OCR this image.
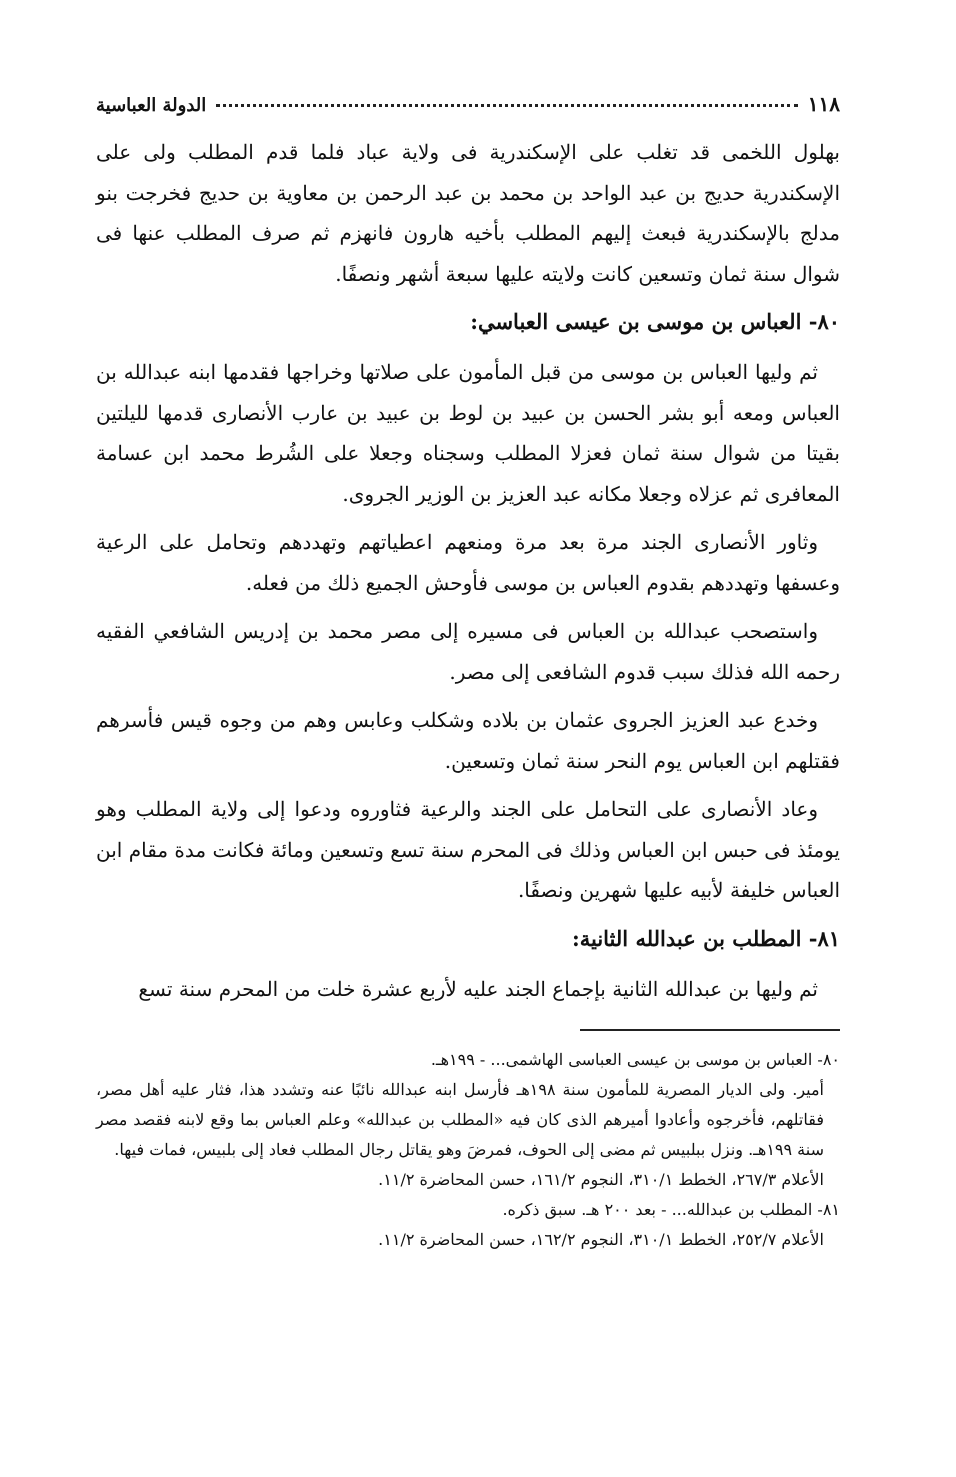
١١٨
الدولة العباسية

بهلول اللخمى قد تغلب على الإسكندرية فى ولاية عباد فلما قدم المطلب ولى على الإسكندرية حديج بن عبد الواحد بن محمد بن عبد الرحمن بن معاوية بن حديج فخرجت بنو مدلج بالإسكندرية فبعث إليهم المطلب بأخيه هارون فانهزم ثم صرف المطلب عنها فى شوال سنة ثمان وتسعين كانت ولايته عليها سبعة أشهر ونصفًا.

٨٠- العباس بن موسى بن عيسى العباسي:

ثم وليها العباس بن موسى من قبل المأمون على صلاتها وخراجها فقدمها ابنه عبدالله بن العباس ومعه أبو بشر الحسن بن عبيد بن لوط بن عبيد بن عارب الأنصارى قدمها لليلتين بقيتا من شوال سنة ثمان فعزلا المطلب وسجناه وجعلا على الشُرط محمد ابن عسامة المعافرى ثم عزلاه وجعلا مكانه عبد العزيز بن الوزير الجروى.

وثاور الأنصارى الجند مرة بعد مرة ومنعهم اعطياتهم وتهددهم وتحامل على الرعية وعسفها وتهددهم بقدوم العباس بن موسى فأوحش الجميع ذلك من فعله.

واستصحب عبدالله بن العباس فى مسيره إلى مصر محمد بن إدريس الشافعي الفقيه رحمه الله فذلك سبب قدوم الشافعى إلى مصر.

وخدع عبد العزيز الجروى عثمان بن بلاده وشكلب وعابس وهم من وجوه قيس فأسرهم فقتلهم ابن العباس يوم النحر سنة ثمان وتسعين.

وعاد الأنصارى على التحامل على الجند والرعية فثاوروه ودعوا إلى ولاية المطلب وهو يومئذ فى حبس ابن العباس وذلك فى المحرم سنة تسع وتسعين ومائة فكانت مدة مقام ابن العباس خليفة لأبيه عليها شهرين ونصفًا.

٨١- المطلب بن عبدالله الثانية:

ثم وليها بن عبدالله الثانية بإجماع الجند عليه لأربع عشرة خلت من المحرم سنة تسع

٨٠- العباس بن موسى بن عيسى العباسى الهاشمى... - ١٩٩هـ.

أمير. ولى الديار المصرية للمأمون سنة ١٩٨هـ فأرسل ابنه عبدالله نائبًا عنه وتشدد هذا، فثار عليه أهل مصر، فقاتلهم، فأخرجوه وأعادوا أميرهم الذى كان فيه «المطلب بن عبدالله» وعلم العباس بما وقع لابنه فقصد مصر سنة ١٩٩هـ. ونزل ببلبيس ثم مضى إلى الحوف، فمرضَ وهو يقاتل رجال المطلب فعاد إلى بلبيس، فمات فيها.

الأعلام ٢٦٧/٣، الخطط ٣١٠/١، النجوم ١٦١/٢، حسن المحاضرة ١١/٢.

٨١- المطلب بن عبدالله... - بعد ٢٠٠ هـ. سبق ذكره.

الأعلام ٢٥٢/٧، الخطط ٣١٠/١، النجوم ١٦٢/٢، حسن المحاضرة ١١/٢.
